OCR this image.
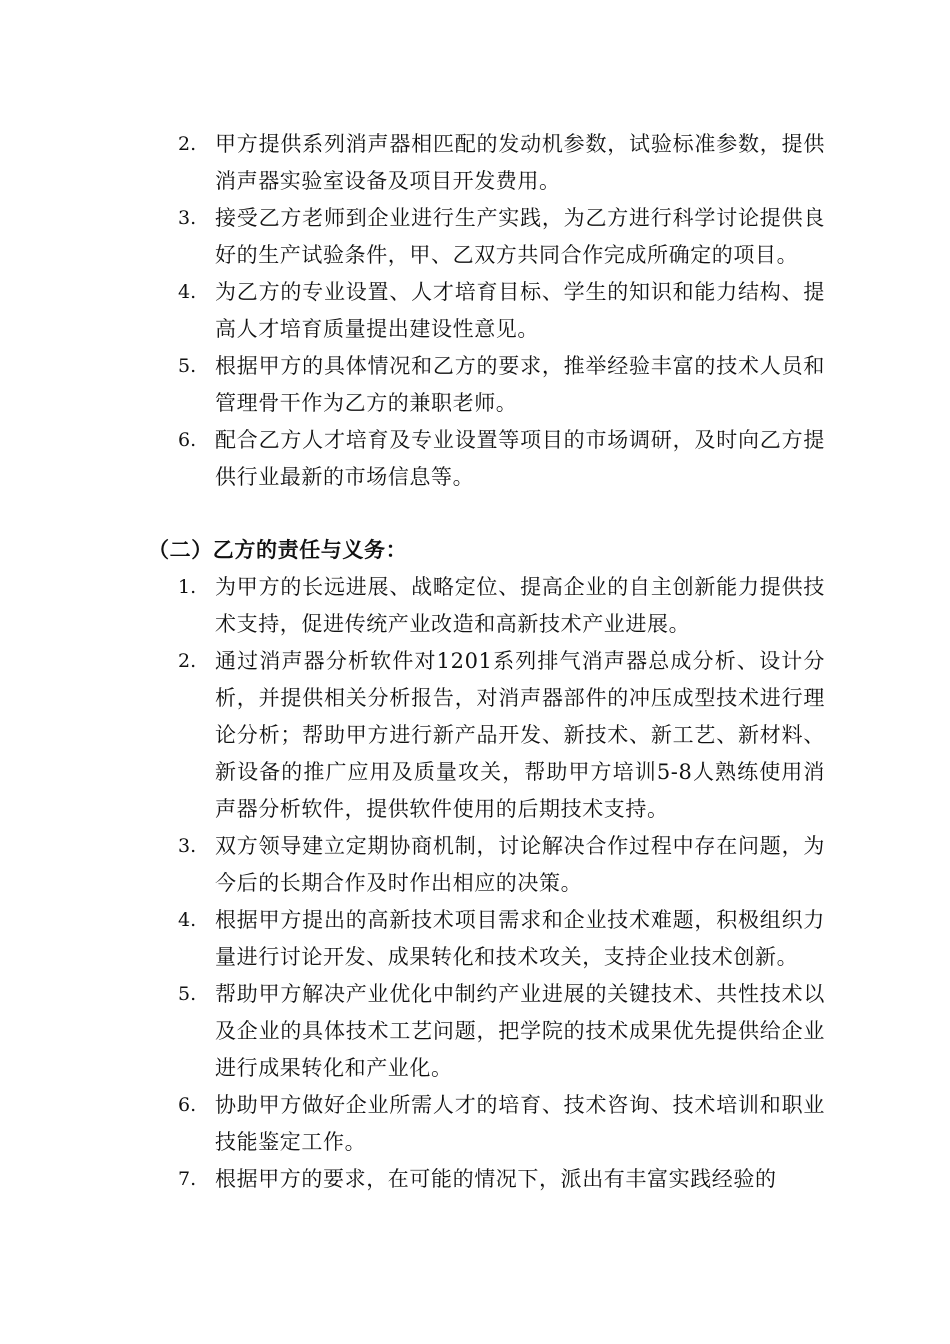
2. 甲方提供系列消声器相匹配的发动机参数，试验标准参数，提供消声器实验室设备及项目开发费用。
3. 接受乙方老师到企业进行生产实践，为乙方进行科学讨论提供良好的生产试验条件，甲、乙双方共同合作完成所确定的项目。
4. 为乙方的专业设置、人才培育目标、学生的知识和能力结构、提高人才培育质量提出建设性意见。
5. 根据甲方的具体情况和乙方的要求，推举经验丰富的技术人员和管理骨干作为乙方的兼职老师。
6. 配合乙方人才培育及专业设置等项目的市场调研，及时向乙方提供行业最新的市场信息等。
（二）乙方的责任与义务：
1. 为甲方的长远进展、战略定位、提高企业的自主创新能力提供技术支持，促进传统产业改造和高新技术产业进展。
2. 通过消声器分析软件对1201系列排气消声器总成分析、设计分析，并提供相关分析报告，对消声器部件的冲压成型技术进行理论分析；帮助甲方进行新产品开发、新技术、新工艺、新材料、新设备的推广应用及质量攻关，帮助甲方培训5-8人熟练使用消声器分析软件，提供软件使用的后期技术支持。
3. 双方领导建立定期协商机制，讨论解决合作过程中存在问题，为今后的长期合作及时作出相应的决策。
4. 根据甲方提出的高新技术项目需求和企业技术难题，积极组织力量进行讨论开发、成果转化和技术攻关，支持企业技术创新。
5. 帮助甲方解决产业优化中制约产业进展的关键技术、共性技术以及企业的具体技术工艺问题，把学院的技术成果优先提供给企业进行成果转化和产业化。
6. 协助甲方做好企业所需人才的培育、技术咨询、技术培训和职业技能鉴定工作。
7. 根据甲方的要求，在可能的情况下，派出有丰富实践经验的
